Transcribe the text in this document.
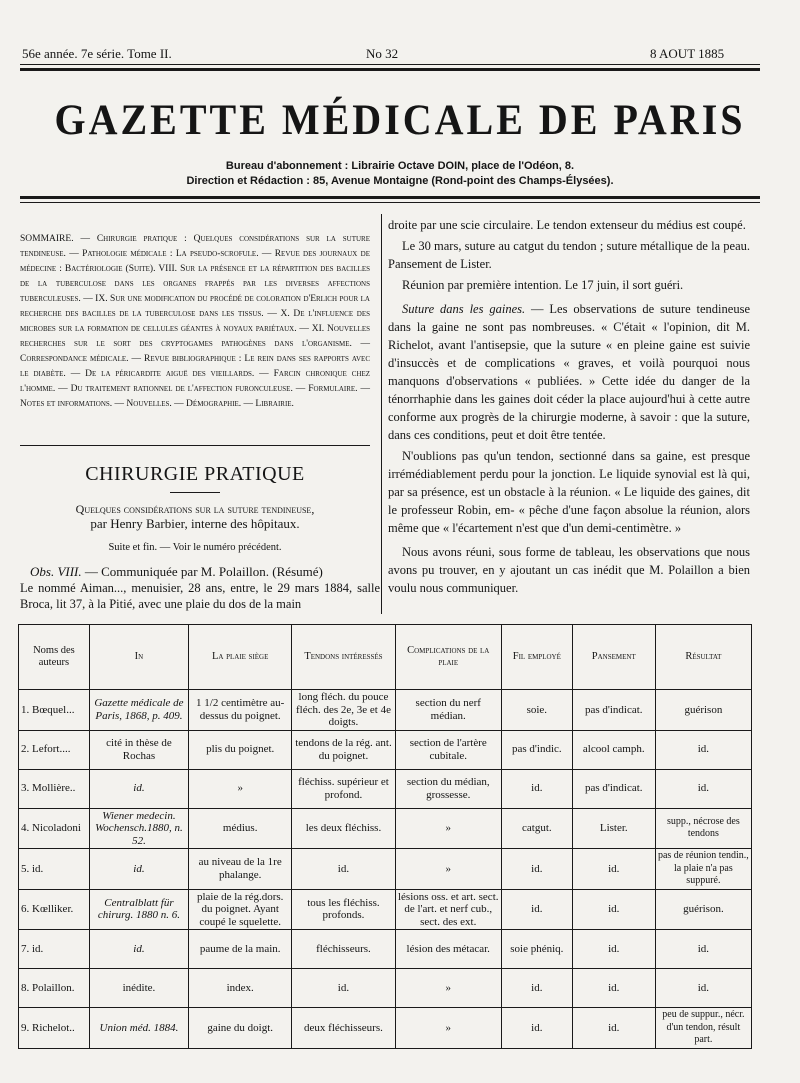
56e année. 7e série. Tome II.	No 32	8 AOUT 1885
GAZETTE MÉDICALE DE PARIS
Bureau d'abonnement : Librairie Octave DOIN, place de l'Odéon, 8.
Direction et Rédaction : 85, Avenue Montaigne (Rond-point des Champs-Élysées).
SOMMAIRE. — Chirurgie pratique : Quelques considérations sur la suture tendineuse. — Pathologie médicale : La pseudo-scrofule. — Revue des journaux de médecine : Bactériologie (Suite). VIII. Sur la présence et la répartition des bacilles de la tuberculose dans les organes frappés par les diverses affections tuberculeuses. — IX. Sur une modification du procédé de coloration d'Erlich pour la recherche des bacilles de la tuberculose dans les tissus. — X. De l'influence des microbes sur la formation de cellules géantes à noyaux pariétaux. — XI. Nouvelles recherches sur le sort des cryptogames pathogènes dans l'organisme. — Correspondance médicale. — Revue bibliographique : Le rein dans ses rapports avec le diabète. — De la péricardite aiguë des vieillards. — Farcin chronique chez l'homme. — Du traitement rationnel de l'affection furonculeuse. — Formulaire. — Notes et informations. — Nouvelles. — Démographie. — Librairie.
CHIRURGIE PRATIQUE
Quelques considérations sur la suture tendineuse,
par Henry Barbier, interne des hôpitaux.
Suite et fin. — Voir le numéro précédent.
Obs. VIII. — Communiquée par M. Polaillon. (Résumé)
Le nommé Aiman..., menuisier, 28 ans, entre, le 29 mars 1884, salle Broca, lit 37, à la Pitié, avec une plaie du dos de la main

droite par une scie circulaire. Le tendon extenseur du médius est coupé.

Le 30 mars, suture au catgut du tendon ; suture métallique de la peau. Pansement de Lister.

Réunion par première intention. Le 17 juin, il sort guéri.

Suture dans les gaines. — Les observations de suture tendineuse dans la gaine ne sont pas nombreuses. « C'était « l'opinion, dit M. Richelot, avant l'antisepsie, que la suture « en pleine gaine est suivie d'insuccès et de complications « graves, et voilà pourquoi nous manquons d'observations « publiées. » Cette idée du danger de la ténorrhaphie dans les gaines doit céder la place aujourd'hui à cette autre conforme aux progrès de la chirurgie moderne, à savoir : que la suture, dans ces conditions, peut et doit être tentée.

N'oublions pas qu'un tendon, sectionné dans sa gaine, est presque irrémédiablement perdu pour la jonction. Le liquide synovial est là qui, par sa présence, est un obstacle à la réunion. « Le liquide des gaines, dit le professeur Robin, em- « pêche d'une façon absolue la réunion, alors même que « l'écartement n'est que d'un demi-centimètre. »

Nous avons réuni, sous forme de tableau, les observations que nous avons pu trouver, en y ajoutant un cas inédit que M. Polaillon a bien voulu nous communiquer.

Noms des auteurs	In	La plaie siège	Tendons intéressés	Complications de la plaie	Fil employé	Pansement	Résultat
1. Bœquel...	Gazette médicale de Paris, 1868, p. 409.	1 1/2 centimètre au-dessus du poignet.	long fléch. du pouce fléch. des 2e, 3e et 4e doigts.	section du nerf médian.	soie.	pas d'indicat.	guérison
2. Lefort....	cité in thèse de Rochas	plis du poignet.	tendons de la rég. ant. du poignet.	section de l'artère cubitale.	pas d'indic.	alcool camph.	id.
3. Mollière..	id.	»	fléchiss. supérieur et profond.	section du médian, grossesse.	id.	pas d'indicat.	id.
4. Nicoladoni	Wiener medecin. Wochensch.1880, n. 52.	médius.	les deux fléchiss.	»	catgut.	Lister.	supp., nécrose des tendons
5. id.	id.	au niveau de la 1re phalange.	id.	»	id.	id.	pas de réunion tendin., la plaie n'a pas suppuré.
6. Kœlliker.	Centralblatt für chirurg. 1880 n. 6.	plaie de la rég.dors. du poignet. Ayant coupé le squelette.	tous les fléchiss. profonds.	lésions oss. et art. sect. de l'art. et nerf cub., sect. des ext.	id.	id.	guérison.
7. id.	id.	paume de la main.	fléchisseurs.	lésion des métacar.	soie phéniq.	id.	id.
8. Polaillon.	inédite.	index.	id.	»	id.	id.	id.
9. Richelot..	Union méd. 1884.	gaine du doigt.	deux fléchisseurs.	»	id.	id.	peu de suppur., nécr. d'un tendon, résult part.
